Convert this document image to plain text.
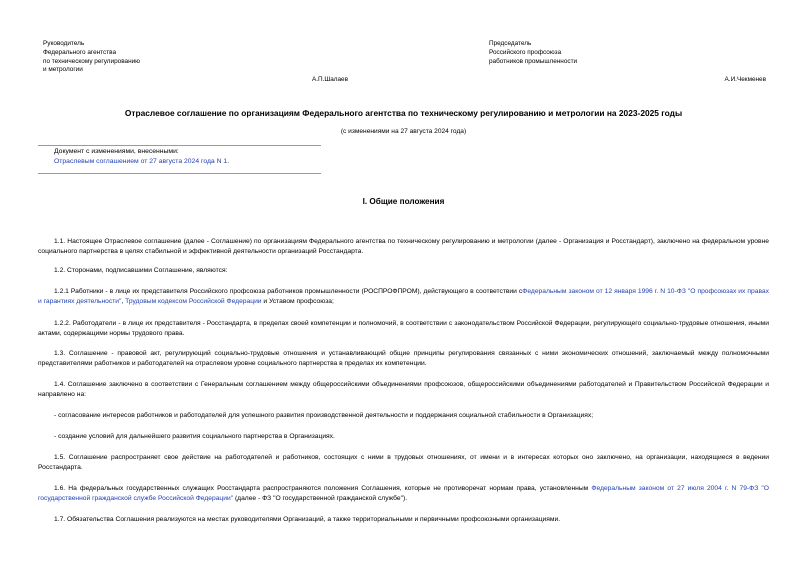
Руководитель
Федерального агентства
по техническому регулированию
и метрологии
А.П.Шалаев
Председатель
Российского профсоюза
работников промышленности
А.И.Чекменев
Отраслевое соглашение по организациям Федерального агентства по техническому регулированию и метрологии на 2023-2025 годы
(с изменениями на 27 августа 2024 года)
Документ с изменениями, внесенными:
Отраслевым соглашением от 27 августа 2024 года N 1.
I. Общие положения
1.1. Настоящее Отраслевое соглашение (далее - Соглашение) по организациям Федерального агентства по техническому регулированию и метрологии (далее - Организация и Росстандарт), заключено на федеральном уровне социального партнерства в целях стабильной и эффективной деятельности организаций Росстандарта.
1.2. Сторонами, подписавшими Соглашение, являются:
1.2.1 Работники - в лице их представителя Российского профсоюза работников промышленности (РОСПРОФПРОМ), действующего в соответствии сФедеральным законом от 12 января 1996 г. N 10-ФЗ "О профсоюзах их правах и гарантиях деятельности", Трудовым кодексом Российской Федерации и Уставом профсоюза;
1.2.2. Работодатели - в лице их представителя - Росстандарта, в пределах своей компетенции и полномочий, в соответствии с законодательством Российской Федерации, регулирующего социально-трудовые отношения, иными актами, содержащими нормы трудового права.
1.3. Соглашение - правовой акт, регулирующий социально-трудовые отношения и устанавливающий общие принципы регулирования связанных с ними экономических отношений, заключаемый между полномочными представителями работников и работодателей на отраслевом уровне социального партнерства в пределах их компетенции.
1.4. Соглашение заключено в соответствии с Генеральным соглашением между общероссийскими объединениями профсоюзов, общероссийскими объединениями работодателей и Правительством Российской Федерации и направлено на:
- согласование интересов работников и работодателей для успешного развития производственной деятельности и поддержания социальной стабильности в Организациях;
- создание условий для дальнейшего развития социального партнерства в Организациях.
1.5. Соглашение распространяет свое действие на работодателей и работников, состоящих с ними в трудовых отношениях, от имени и в интересах которых оно заключено, на организации, находящиеся в ведении Росстандарта.
1.6. На федеральных государственных служащих Росстандарта распространяются положения Соглашения, которые не противоречат нормам права, установленным Федеральным законом от 27 июля 2004 г. N 79-ФЗ "О государственной гражданской службе Российской Федерации" (далее - ФЗ "О государственной гражданской службе").
1.7. Обязательства Соглашения реализуются на местах руководителями Организаций, а также территориальными и первичными профсоюзными организациями.
